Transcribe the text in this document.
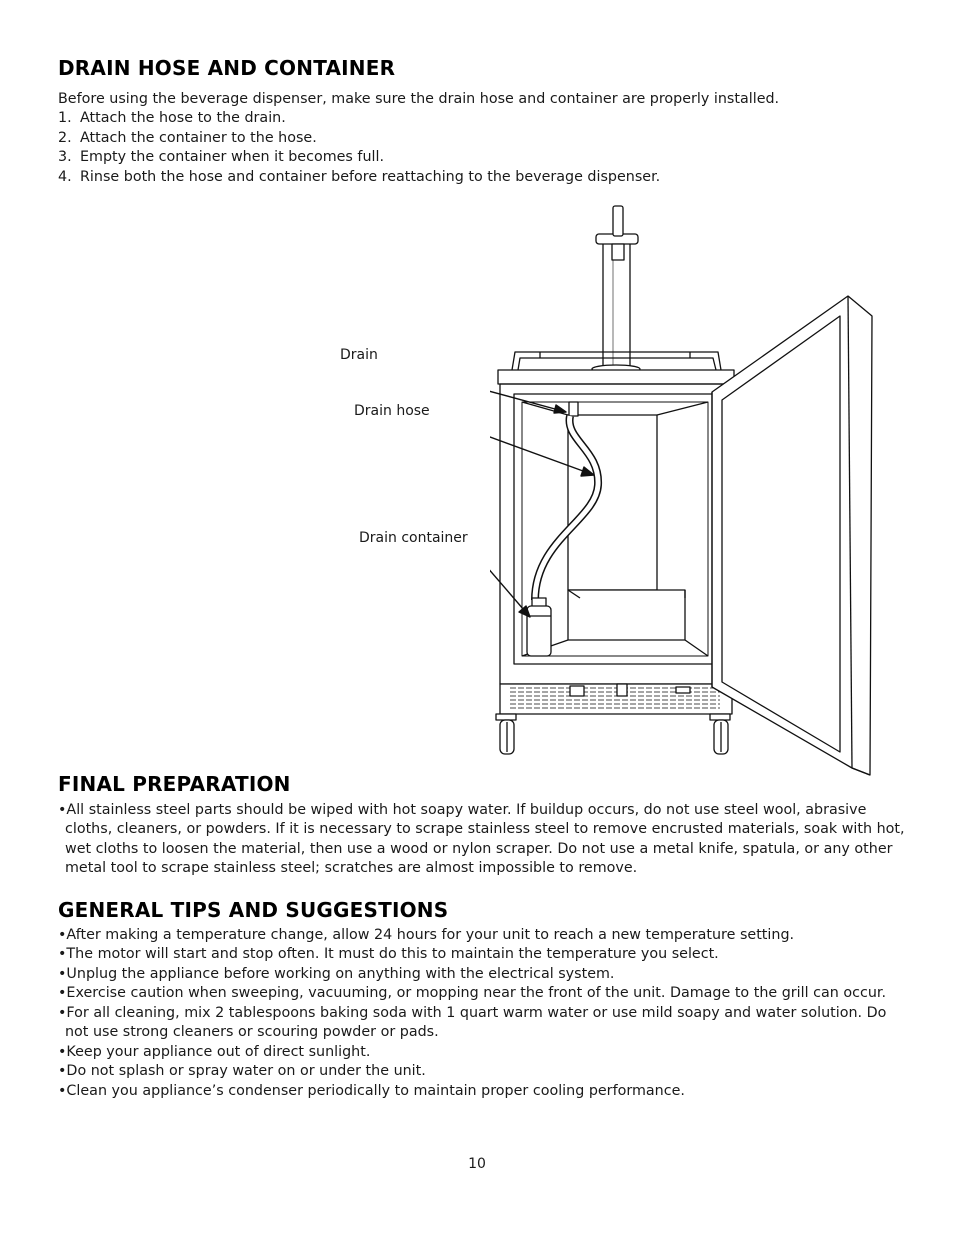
DRAIN HOSE AND CONTAINER
Before using the beverage dispenser, make sure the drain hose and container are properly installed.
1. Attach the hose to the drain.
2. Attach the container to the hose.
3. Empty the container when it becomes full.
4. Rinse both the hose and container before reattaching to the beverage dispenser.
Drain
Drain hose
Drain container
FINAL PREPARATION
•All stainless steel parts should be wiped with hot soapy water. If buildup occurs, do not use steel wool, abrasive
cloths, cleaners, or powders. If it is necessary to scrape stainless steel to remove encrusted materials, soak with hot,
wet cloths to loosen the material, then use a wood or nylon scraper. Do not use a metal knife, spatula, or any other
metal tool to scrape stainless steel; scratches are almost impossible to remove.
GENERAL TIPS AND SUGGESTIONS
•After making a temperature change, allow 24 hours for your unit to reach a new temperature setting.
•The motor will start and stop often. It must do this to maintain the temperature you select.
•Unplug the appliance before working on anything with the electrical system.
•Exercise caution when sweeping, vacuuming, or mopping near the front of the unit. Damage to the grill can occur.
•For all cleaning, mix 2 tablespoons baking soda with 1 quart warm water or use mild soapy and water solution. Do
not use strong cleaners or scouring powder or pads.
•Keep your appliance out of direct sunlight.
•Do not splash or spray water on or under the unit.
•Clean you appliance’s condenser periodically to maintain proper cooling performance.
10
